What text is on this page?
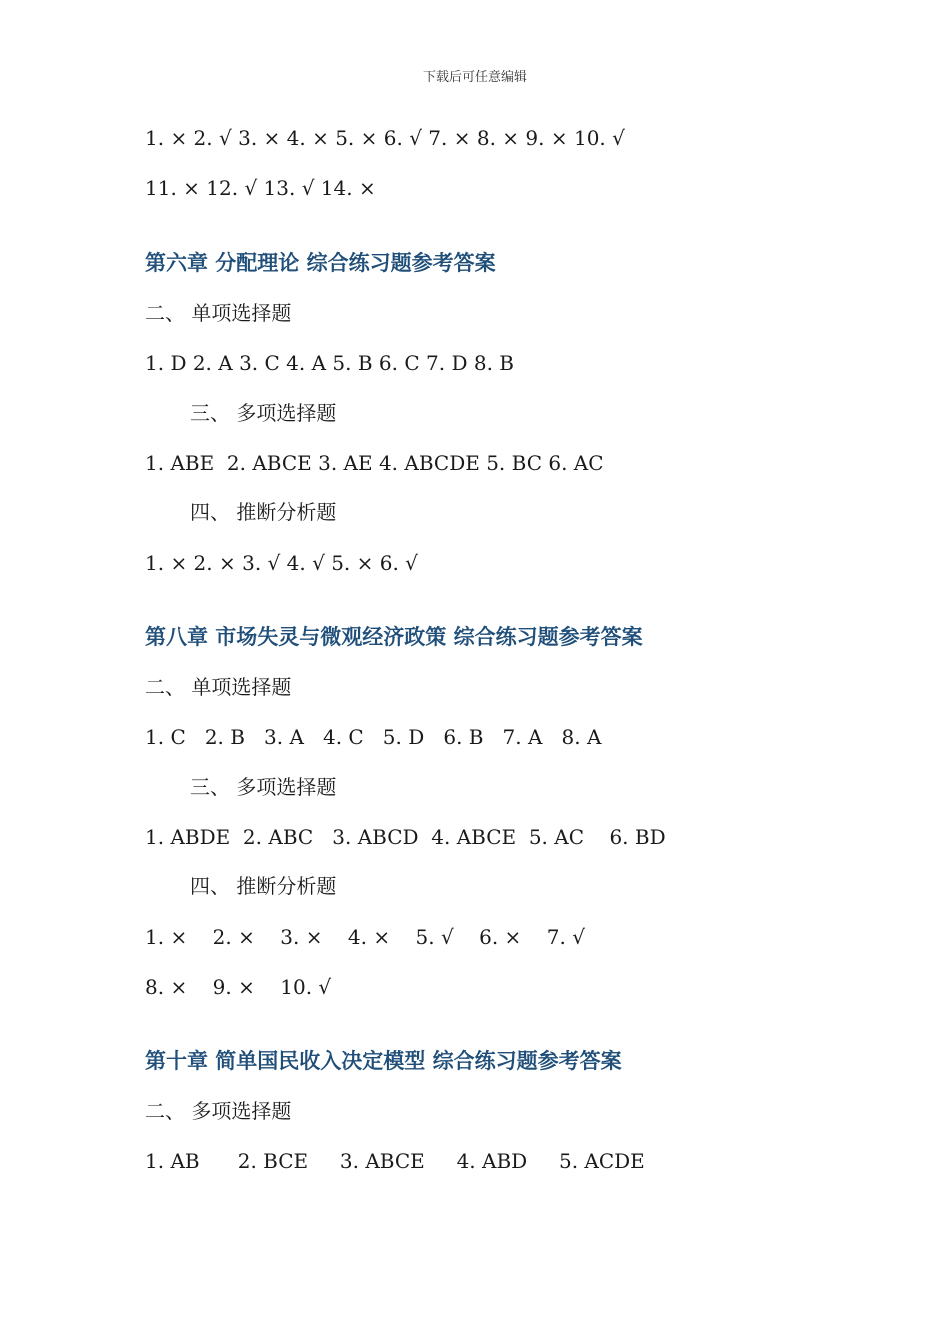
下载后可任意编辑
1. × 2. √ 3. × 4. × 5. × 6. √ 7. × 8. × 9. × 10. √
11. × 12. √ 13. √ 14. ×
第六章 分配理论 综合练习题参考答案
二、 单项选择题
1. D 2. A 3. C 4. A 5. B 6. C 7. D 8. B
三、 多项选择题
1. ABE  2. ABCE 3. AE 4. ABCDE 5. BC 6. AC
四、 推断分析题
1. × 2. × 3. √ 4. √ 5. × 6. √
第八章 市场失灵与微观经济政策 综合练习题参考答案
二、 单项选择题
1. C   2. B   3. A   4. C   5. D   6. B   7. A   8. A
三、 多项选择题
1. ABDE  2. ABC   3. ABCD  4. ABCE  5. AC    6. BD
四、 推断分析题
1. ×    2. ×    3. ×    4. ×    5. √    6. ×    7. √
8. ×    9. ×    10. √
第十章 简单国民收入决定模型 综合练习题参考答案
二、 多项选择题
1. AB      2. BCE     3. ABCE     4. ABD     5. ACDE
